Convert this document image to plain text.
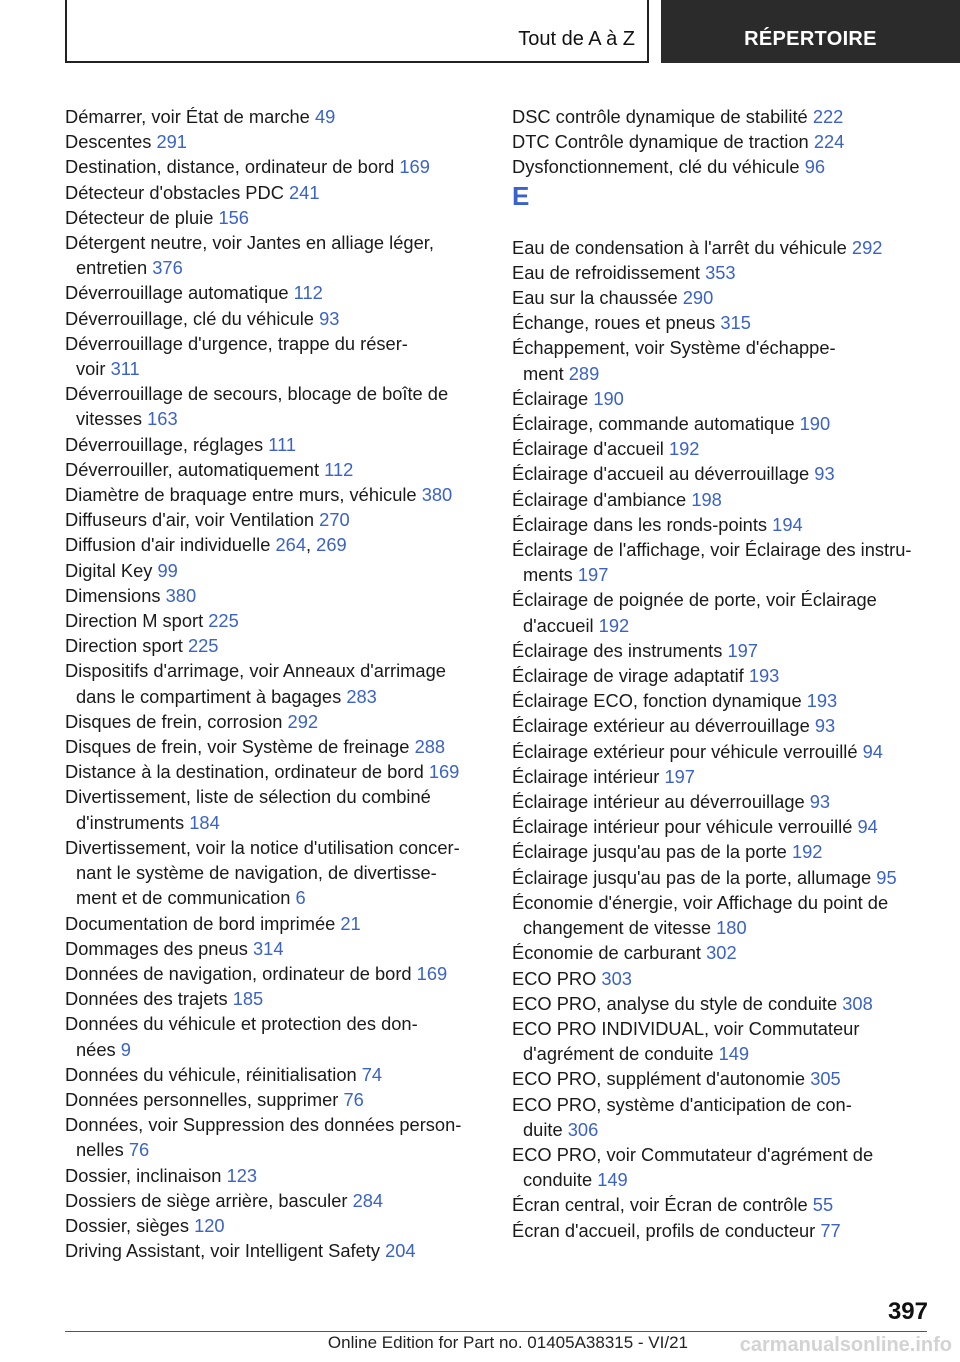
Tout de A à Z	RÉPERTOIRE
Démarrer, voir État de marche 49
Descentes 291
Destination, distance, ordinateur de bord 169
Détecteur d'obstacles PDC 241
Détecteur de pluie 156
Détergent neutre, voir Jantes en alliage léger,
entretien 376
Déverrouillage automatique 112
Déverrouillage, clé du véhicule 93
Déverrouillage d'urgence, trappe du réser-
voir 311
Déverrouillage de secours, blocage de boîte de
vitesses 163
Déverrouillage, réglages 111
Déverrouiller, automatiquement 112
Diamètre de braquage entre murs, véhicule 380
Diffuseurs d'air, voir Ventilation 270
Diffusion d'air individuelle 264, 269
Digital Key 99
Dimensions 380
Direction M sport 225
Direction sport 225
Dispositifs d'arrimage, voir Anneaux d'arrimage
dans le compartiment à bagages 283
Disques de frein, corrosion 292
Disques de frein, voir Système de freinage 288
Distance à la destination, ordinateur de bord 169
Divertissement, liste de sélection du combiné
d'instruments 184
Divertissement, voir la notice d'utilisation concer-
nant le système de navigation, de divertisse-
ment et de communication 6
Documentation de bord imprimée 21
Dommages des pneus 314
Données de navigation, ordinateur de bord 169
Données des trajets 185
Données du véhicule et protection des don-
nées 9
Données du véhicule, réinitialisation 74
Données personnelles, supprimer 76
Données, voir Suppression des données person-
nelles 76
Dossier, inclinaison 123
Dossiers de siège arrière, basculer 284
Dossier, sièges 120
Driving Assistant, voir Intelligent Safety 204
DSC contrôle dynamique de stabilité 222
DTC Contrôle dynamique de traction 224
Dysfonctionnement, clé du véhicule 96
E
Eau de condensation à l'arrêt du véhicule 292
Eau de refroidissement 353
Eau sur la chaussée 290
Échange, roues et pneus 315
Échappement, voir Système d'échappe-
ment 289
Éclairage 190
Éclairage, commande automatique 190
Éclairage d'accueil 192
Éclairage d'accueil au déverrouillage 93
Éclairage d'ambiance 198
Éclairage dans les ronds-points 194
Éclairage de l'affichage, voir Éclairage des instru-
ments 197
Éclairage de poignée de porte, voir Éclairage
d'accueil 192
Éclairage des instruments 197
Éclairage de virage adaptatif 193
Éclairage ECO, fonction dynamique 193
Éclairage extérieur au déverrouillage 93
Éclairage extérieur pour véhicule verrouillé 94
Éclairage intérieur 197
Éclairage intérieur au déverrouillage 93
Éclairage intérieur pour véhicule verrouillé 94
Éclairage jusqu'au pas de la porte 192
Éclairage jusqu'au pas de la porte, allumage 95
Économie d'énergie, voir Affichage du point de
changement de vitesse 180
Économie de carburant 302
ECO PRO 303
ECO PRO, analyse du style de conduite 308
ECO PRO INDIVIDUAL, voir Commutateur
d'agrément de conduite 149
ECO PRO, supplément d'autonomie 305
ECO PRO, système d'anticipation de con-
duite 306
ECO PRO, voir Commutateur d'agrément de
conduite 149
Écran central, voir Écran de contrôle 55
Écran d'accueil, profils de conducteur 77
397
Online Edition for Part no. 01405A38315 - VI/21	carmanualsonline.info
